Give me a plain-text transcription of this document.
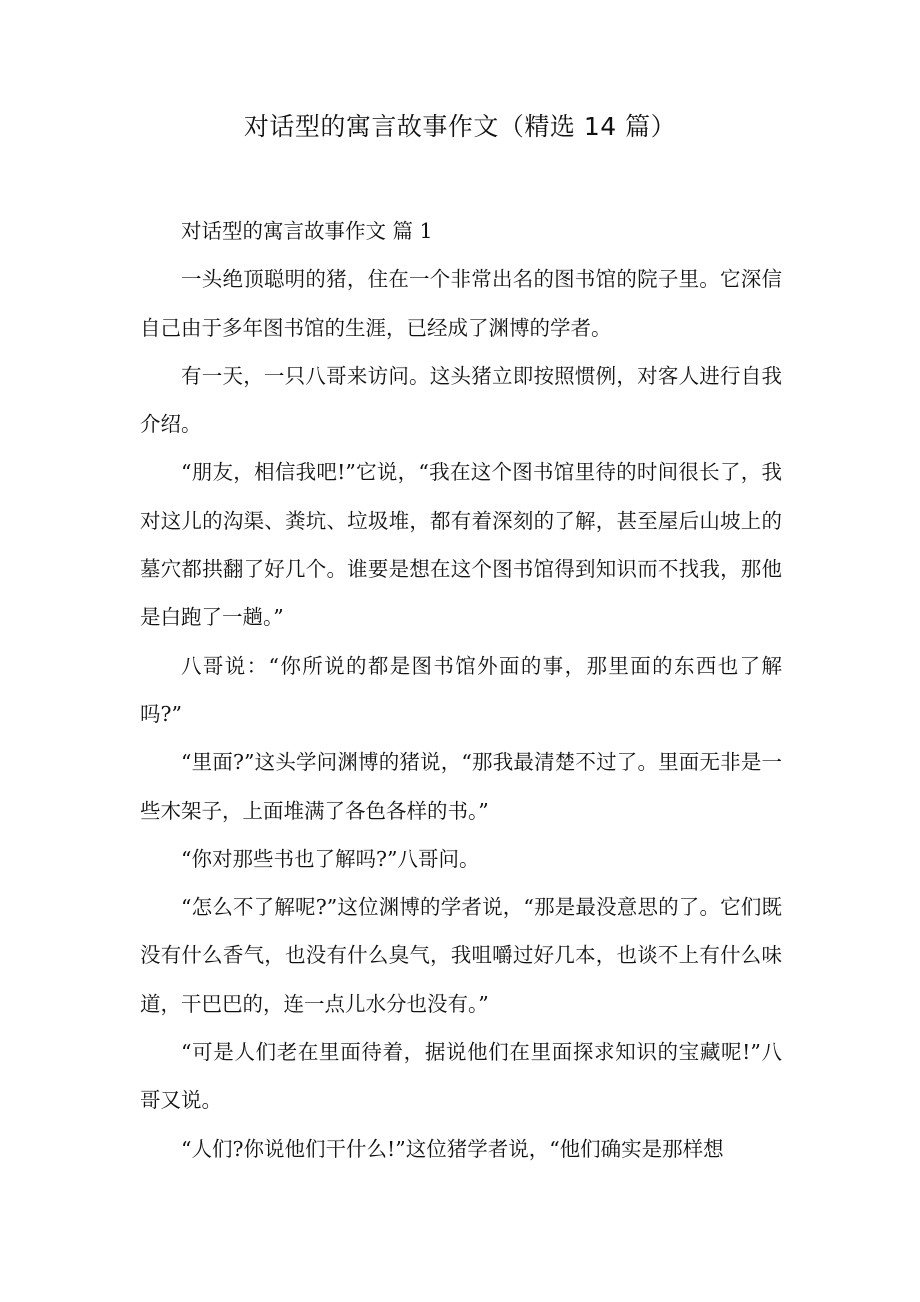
对话型的寓言故事作文（精选 14 篇）

对话型的寓言故事作文 篇 1

一头绝顶聪明的猪，住在一个非常出名的图书馆的院子里。它深信自己由于多年图书馆的生涯，已经成了渊博的学者。

有一天，一只八哥来访问。这头猪立即按照惯例，对客人进行自我介绍。

“朋友，相信我吧!”它说，“我在这个图书馆里待的时间很长了，我对这儿的沟渠、粪坑、垃圾堆，都有着深刻的了解，甚至屋后山坡上的墓穴都拱翻了好几个。谁要是想在这个图书馆得到知识而不找我，那他是白跑了一趟。”

八哥说：“你所说的都是图书馆外面的事，那里面的东西也了解吗?”

“里面?”这头学问渊博的猪说，“那我最清楚不过了。里面无非是一些木架子，上面堆满了各色各样的书。”

“你对那些书也了解吗?”八哥问。

“怎么不了解呢?”这位渊博的学者说，“那是最没意思的了。它们既没有什么香气，也没有什么臭气，我咀嚼过好几本，也谈不上有什么味道，干巴巴的，连一点儿水分也没有。”

“可是人们老在里面待着，据说他们在里面探求知识的宝藏呢!”八哥又说。

“人们?你说他们干什么!”这位猪学者说，“他们确实是那样想
